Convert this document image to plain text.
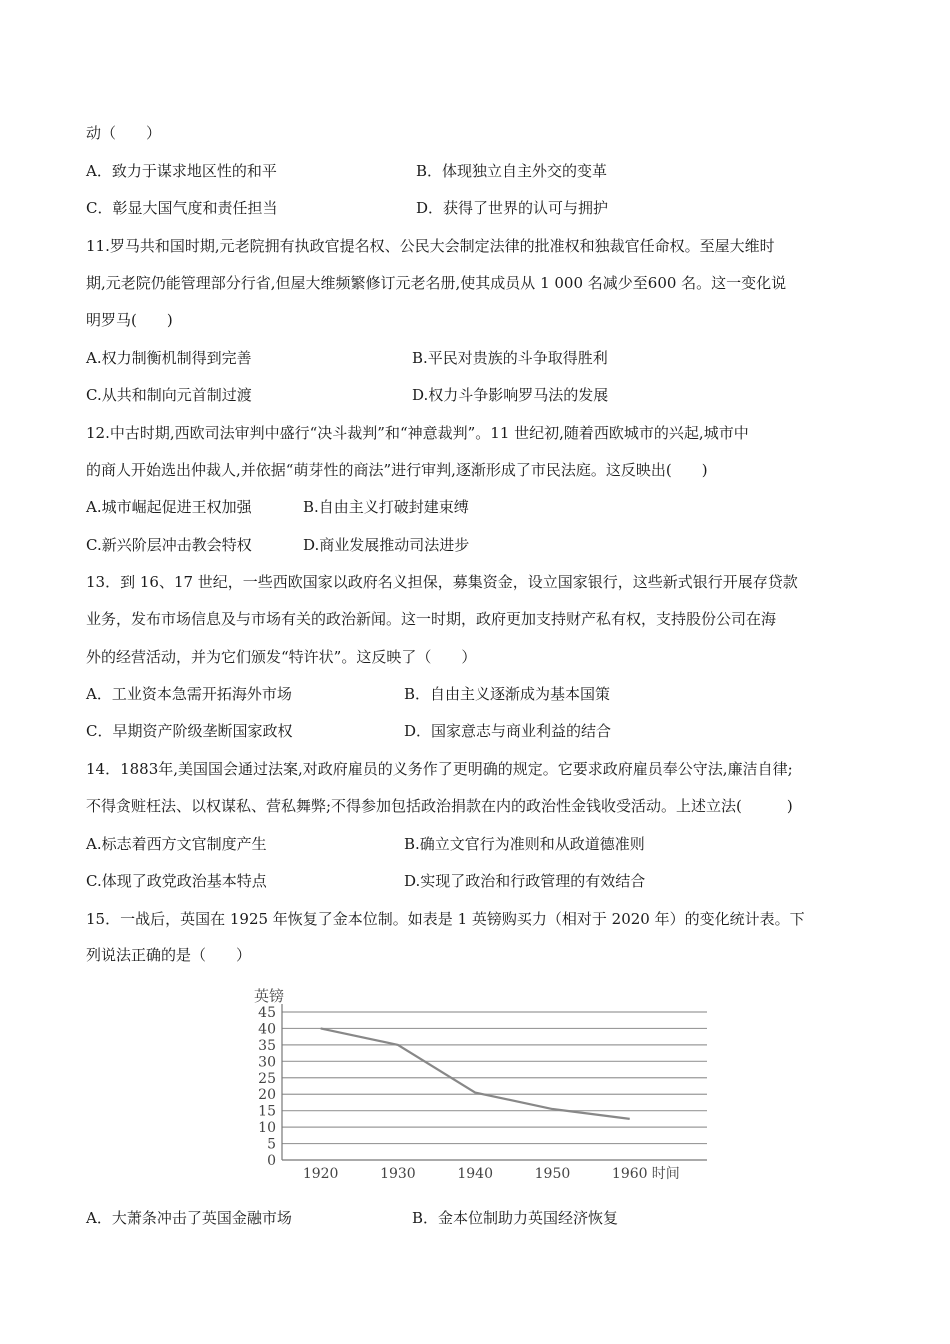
动（　　）
A．致力于谋求地区性的和平	B．体现独立自主外交的变革
C．彰显大国气度和责任担当	D．获得了世界的认可与拥护
11.罗马共和国时期,元老院拥有执政官提名权、公民大会制定法律的批准权和独裁官任命权。至屋大维时
期,元老院仍能管理部分行省,但屋大维频繁修订元老名册,使其成员从 1 000 名减少至600 名。这一变化说
明罗马(　　)
A.权力制衡机制得到完善	B.平民对贵族的斗争取得胜利
C.从共和制向元首制过渡	D.权力斗争影响罗马法的发展
12.中古时期,西欧司法审判中盛行“决斗裁判”和“神意裁判”。11 世纪初,随着西欧城市的兴起,城市中
的商人开始选出仲裁人,并依据“萌芽性的商法”进行审判,逐渐形成了市民法庭。这反映出(　　)
A.城市崛起促进王权加强	B.自由主义打破封建束缚
C.新兴阶层冲击教会特权	D.商业发展推动司法进步
13．到 16、17 世纪，一些西欧国家以政府名义担保，募集资金，设立国家银行，这些新式银行开展存贷款
业务，发布市场信息及与市场有关的政治新闻。这一时期，政府更加支持财产私有权，支持股份公司在海
外的经营活动，并为它们颁发“特许状”。这反映了（　　）
A．工业资本急需开拓海外市场	B．自由主义逐渐成为基本国策
C．早期资产阶级垄断国家政权	D．国家意志与商业利益的结合
14．1883年,美国国会通过法案,对政府雇员的义务作了更明确的规定。它要求政府雇员奉公守法,廉洁自律;
不得贪赃枉法、以权谋私、营私舞弊;不得参加包括政治捐款在内的政治性金钱收受活动。上述立法(　　　)
A.标志着西方文官制度产生	B.确立文官行为准则和从政道德准则
C.体现了政党政治基本特点	D.实现了政治和行政管理的有效结合
15．一战后，英国在 1925 年恢复了金本位制。如表是 1 英镑购买力（相对于 2020 年）的变化统计表。下
列说法正确的是（　　）
0
5
10
15
20
25
30
35
40
45
1920	1930	1940	1950	1960 时间
英镑
A．大萧条冲击了英国金融市场	B．金本位制助力英国经济恢复
